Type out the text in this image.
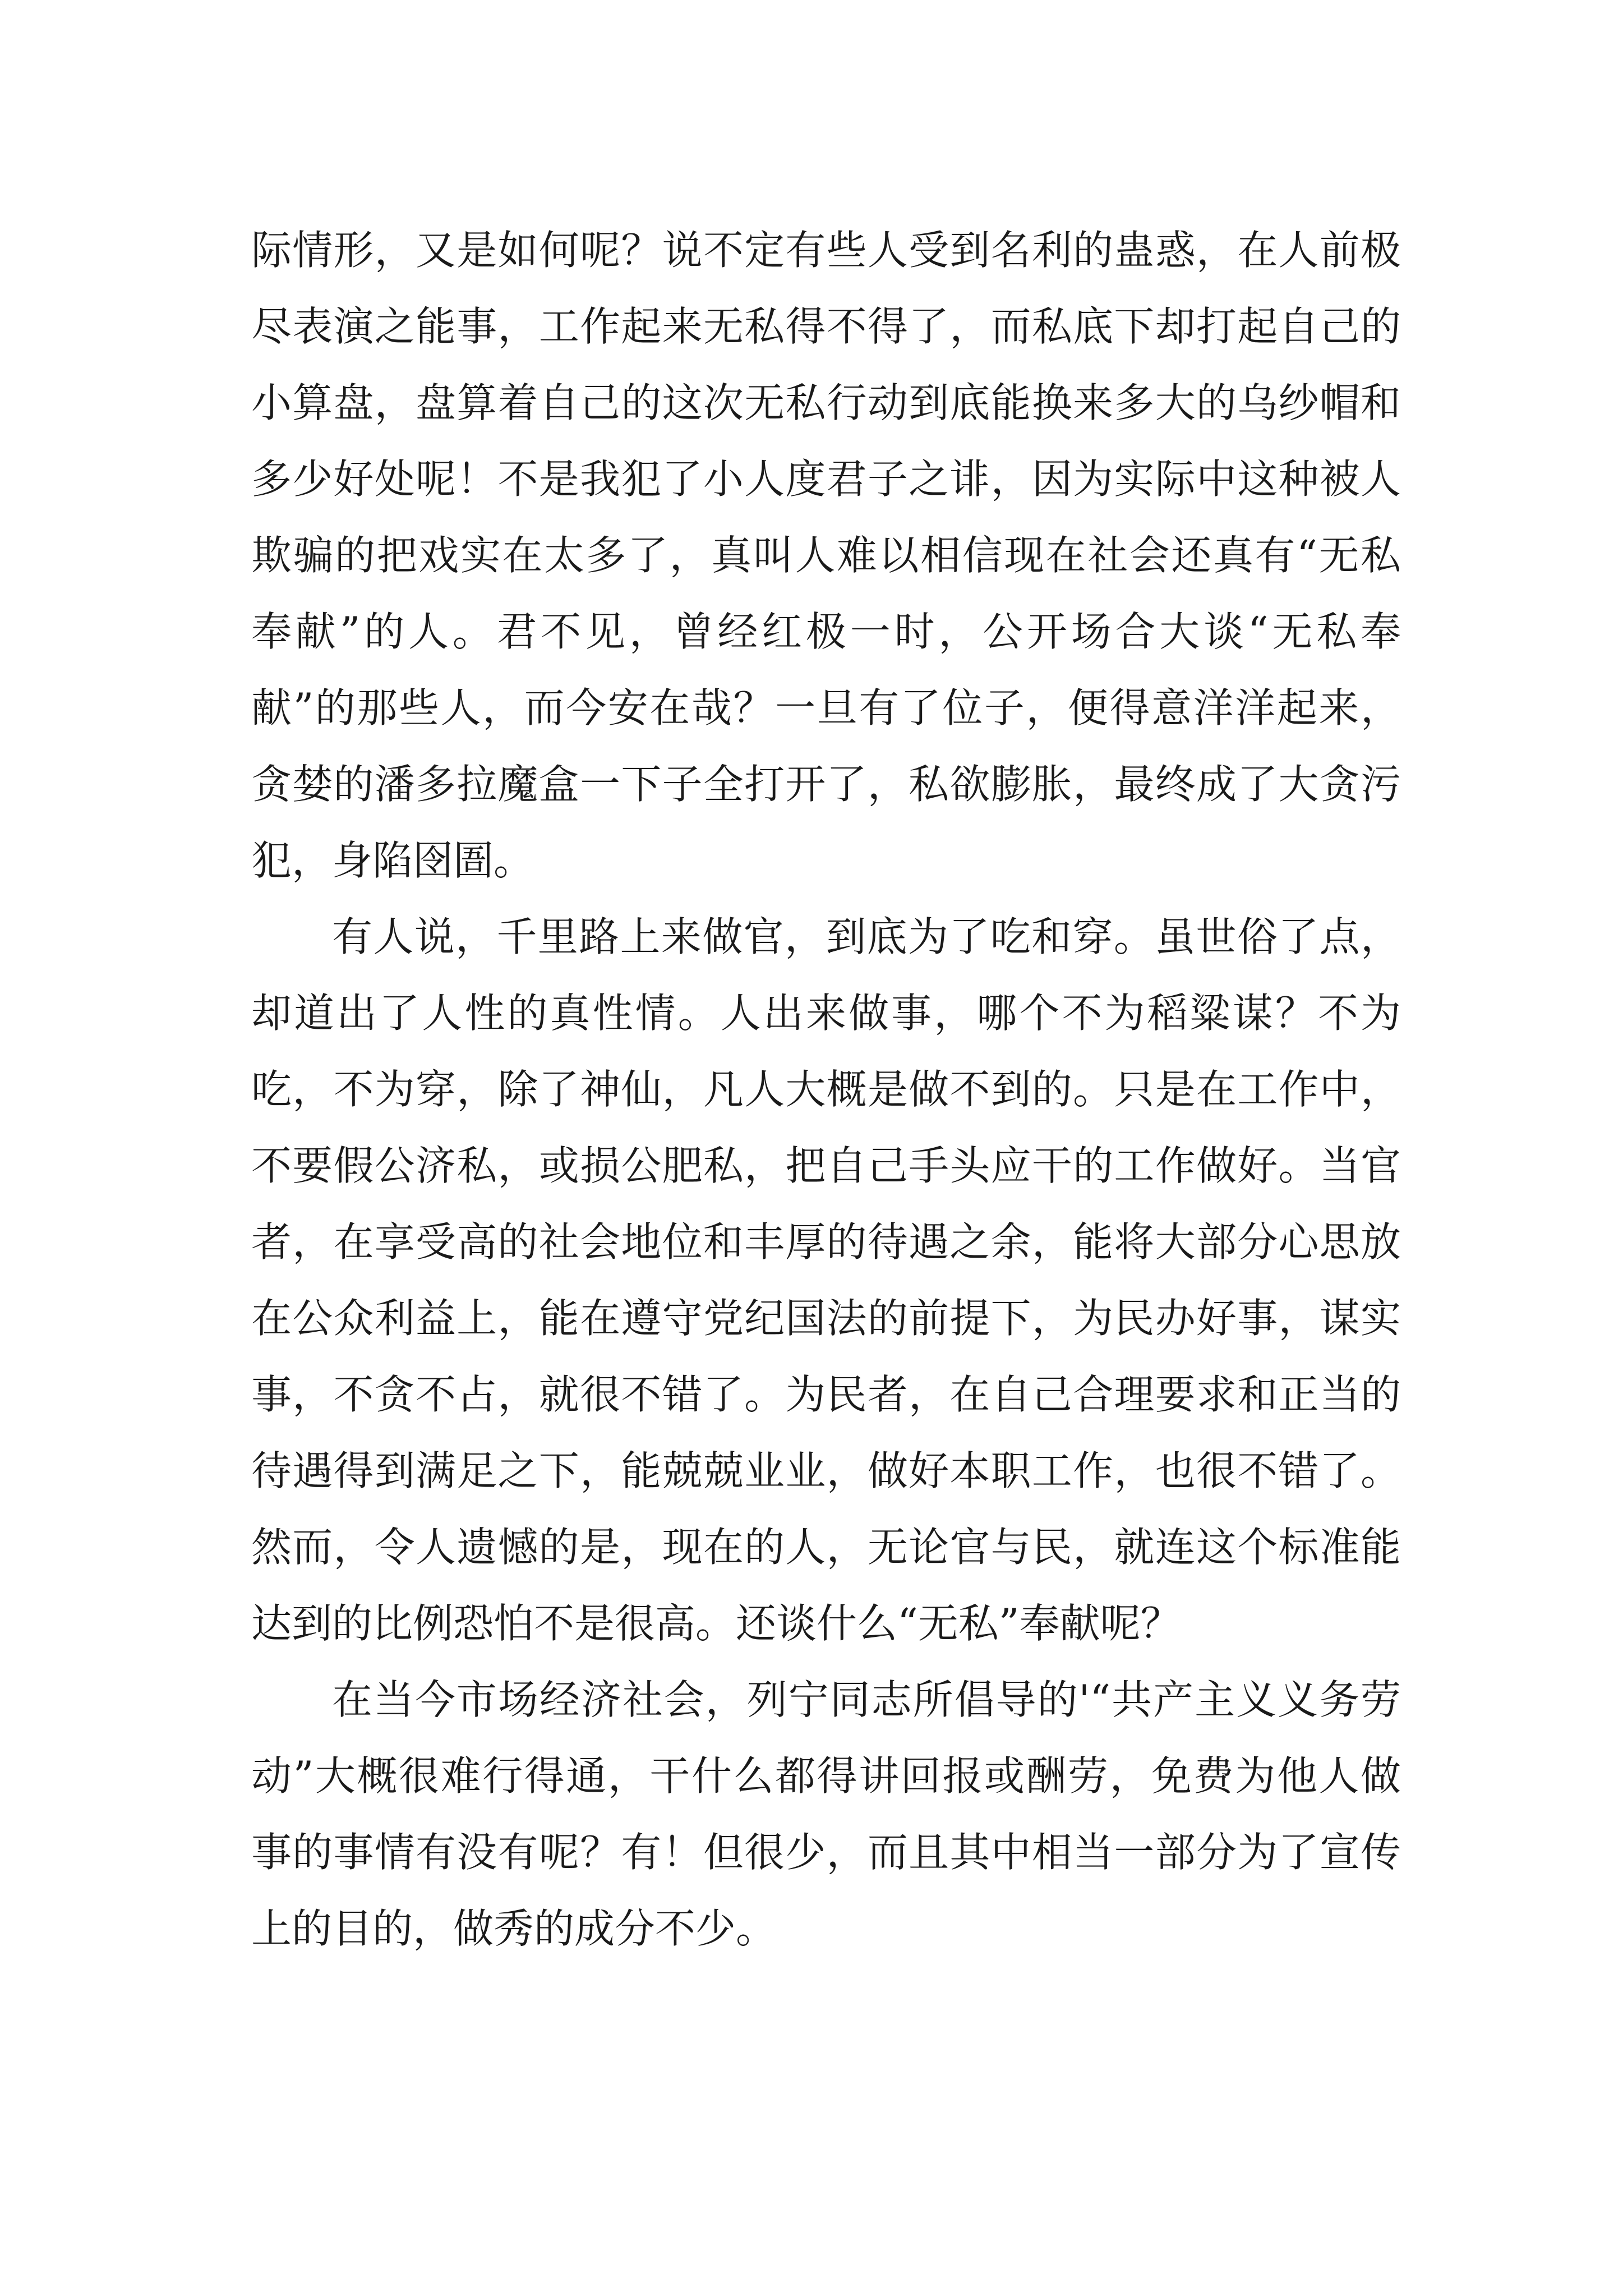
际情形，又是如何呢？说不定有些人受到名利的蛊惑，在人前极尽表演之能事，工作起来无私得不得了，而私底下却打起自己的小算盘，盘算着自己的这次无私行动到底能换来多大的乌纱帽和多少好处呢！不是我犯了小人度君子之诽，因为实际中这种被人欺骗的把戏实在太多了，真叫人难以相信现在社会还真有“无私奉献”的人。君不见，曾经红极一时，公开场合大谈“无私奉献”的那些人，而今安在哉？一旦有了位子，便得意洋洋起来，贪婪的潘多拉魔盒一下子全打开了，私欲膨胀，最终成了大贪污犯，身陷囹圄。

有人说，千里路上来做官，到底为了吃和穿。虽世俗了点，却道出了人性的真性情。人出来做事，哪个不为稻粱谋？不为吃，不为穿，除了神仙，凡人大概是做不到的。只是在工作中，不要假公济私，或损公肥私，把自己手头应干的工作做好。当官者，在享受高的社会地位和丰厚的待遇之余，能将大部分心思放在公众利益上，能在遵守党纪国法的前提下，为民办好事，谋实事，不贪不占，就很不错了。为民者，在自己合理要求和正当的待遇得到满足之下，能兢兢业业，做好本职工作，也很不错了。然而，令人遗憾的是，现在的人，无论官与民，就连这个标准能达到的比例恐怕不是很高。还谈什么“无私”奉献呢？

在当今市场经济社会，列宁同志所倡导的'“共产主义义务劳动”大概很难行得通，干什么都得讲回报或酬劳，免费为他人做事的事情有没有呢？有！但很少，而且其中相当一部分为了宣传上的目的，做秀的成分不少。
